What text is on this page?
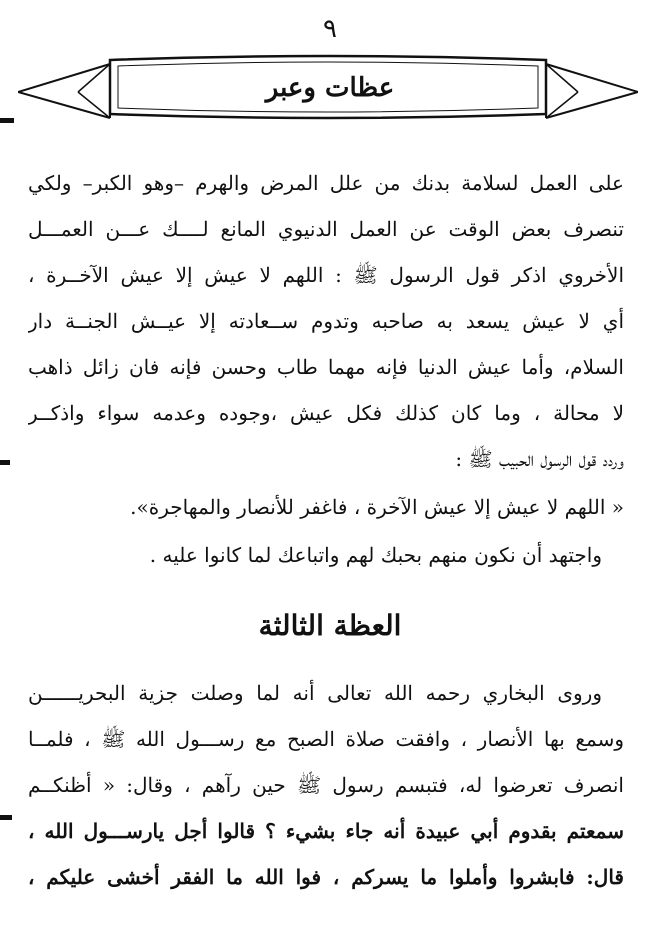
٩
عظات وعبر
على العمل لسلامة بدنك من علل المرض والهرم –وهو الكبر– ولكي
تنصرف بعض الوقت عن العمل الدنيوي المانع لــــك عـــن العمـــل
الأخروي اذكر قول الرسول ﷺ : اللهم لا عيش إلا عيش الآخــرة ،
أي لا عيش يسعد به صاحبه وتدوم ســعادته إلا عيــش الجنــة دار
السلام، وأما عيش الدنيا فإنه مهما طاب وحسن فإنه فان زائل ذاهب
لا محالة ، وما كان كذلك فكل عيش ،وجوده وعدمه سواء واذكــر
وردد قول الرسول الحبيب ﷺ :
« اللهم لا عيش إلا عيش الآخرة ، فاغفر للأنصار والمهاجرة».
واجتهد أن نكون منهم بحبك لهم واتباعك لما كانوا عليه .
العظة الثالثة
وروى البخاري رحمه الله تعالى أنه لما وصلت جزية البحريــــــن
وسمع بها الأنصار ، وافقت صلاة الصبح مع رســـول الله ﷺ ، فلمــا
انصرف تعرضوا له، فتبسم رسول ﷺ حين رآهم ، وقال: « أظنكــم
سمعتم بقدوم أبي عبيدة أنه جاء بشيء ؟ قالوا أجل يارســـول الله ،
قال: فابشروا وأملوا ما يسركم ، فوا الله ما الفقر أخشى عليكم ،
